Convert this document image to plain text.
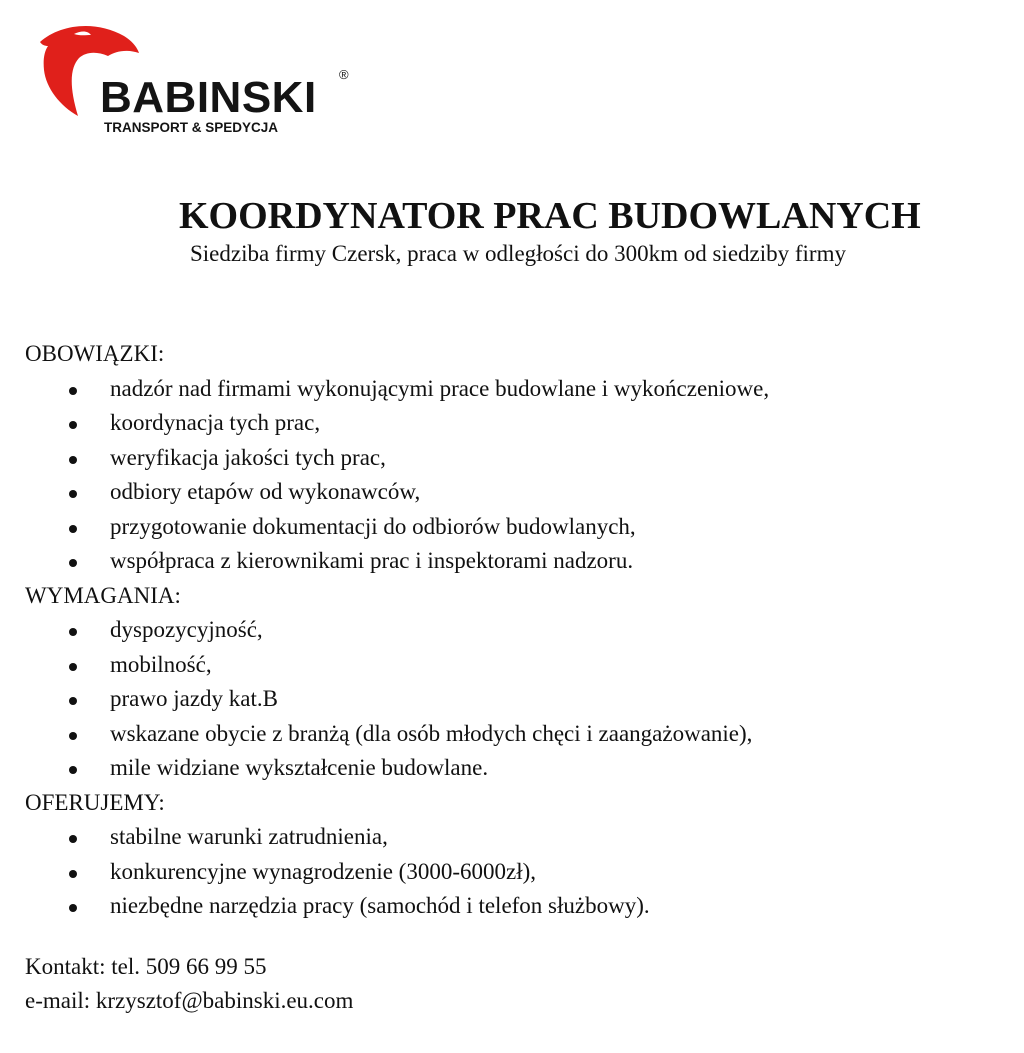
BABINSKI ®
TRANSPORT & SPEDYCJA
KOORDYNATOR PRAC BUDOWLANYCH
Siedziba firmy Czersk, praca w odległości do 300km od siedziby firmy
OBOWIĄZKI:
nadzór nad firmami wykonującymi prace budowlane i wykończeniowe,
koordynacja tych prac,
weryfikacja jakości tych prac,
odbiory etapów od wykonawców,
przygotowanie dokumentacji do odbiorów budowlanych,
współpraca z kierownikami prac i inspektorami nadzoru.
WYMAGANIA:
dyspozycyjność,
mobilność,
prawo jazdy kat.B
wskazane obycie z branżą (dla osób młodych chęci i zaangażowanie),
mile widziane wykształcenie budowlane.
OFERUJEMY:
stabilne warunki zatrudnienia,
konkurencyjne wynagrodzenie (3000-6000zł),
niezbędne narzędzia pracy (samochód i telefon służbowy).
Kontakt: tel. 509 66 99 55
e-mail: krzysztof@babinski.eu.com
